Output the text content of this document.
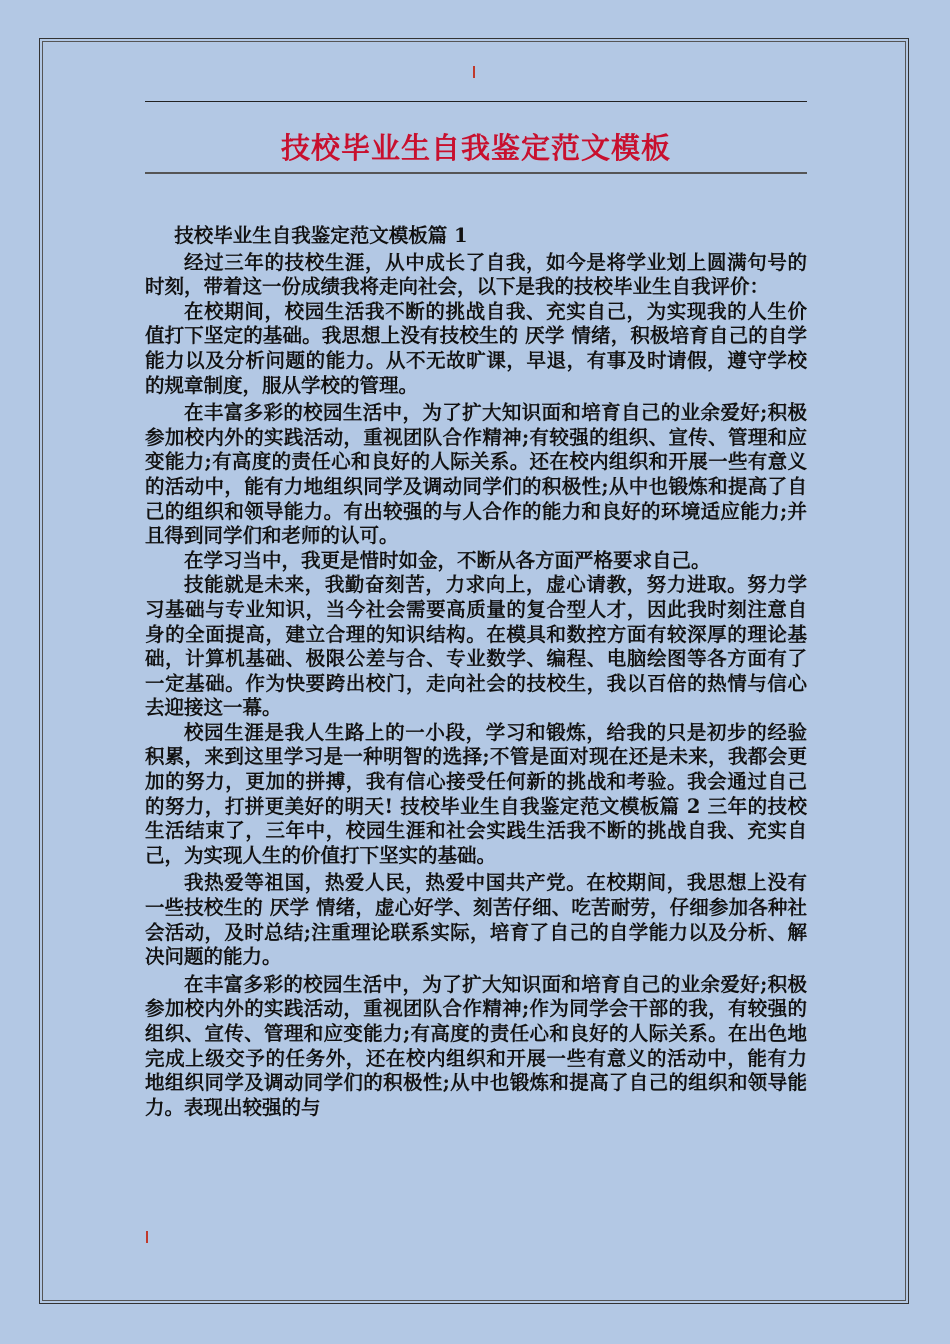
技校毕业生自我鉴定范文模板

技校毕业生自我鉴定范文模板篇 1

经过三年的技校生涯，从中成长了自我，如今是将学业划上圆满句号的时刻，带着这一份成绩我将走向社会，以下是我的技校毕业生自我评价：

在校期间，校园生活我不断的挑战自我、充实自己，为实现我的人生价值打下坚定的基础。我思想上没有技校生的 厌学 情绪，积极培育自己的自学能力以及分析问题的能力。从不无故旷课，早退，有事及时请假，遵守学校的规章制度，服从学校的管理。

在丰富多彩的校园生活中，为了扩大知识面和培育自己的业余爱好;积极参加校内外的实践活动，重视团队合作精神;有较强的组织、宣传、管理和应变能力;有高度的责任心和良好的人际关系。还在校内组织和开展一些有意义的活动中，能有力地组织同学及调动同学们的积极性;从中也锻炼和提高了自己的组织和领导能力。有出较强的与人合作的能力和良好的环境适应能力;并且得到同学们和老师的认可。

在学习当中，我更是惜时如金，不断从各方面严格要求自己。

技能就是未来，我勤奋刻苦，力求向上，虚心请教，努力进取。努力学习基础与专业知识，当今社会需要高质量的复合型人才，因此我时刻注意自身的全面提高，建立合理的知识结构。在模具和数控方面有较深厚的理论基础，计算机基础、极限公差与合、专业数学、编程、电脑绘图等各方面有了一定基础。作为快要跨出校门，走向社会的技校生，我以百倍的热情与信心去迎接这一幕。

校园生涯是我人生路上的一小段，学习和锻炼，给我的只是初步的经验积累，来到这里学习是一种明智的选择;不管是面对现在还是未来，我都会更加的努力，更加的拼搏，我有信心接受任何新的挑战和考验。我会通过自己的努力，打拼更美好的明天! 技校毕业生自我鉴定范文模板篇 2 三年的技校生活结束了，三年中，校园生涯和社会实践生活我不断的挑战自我、充实自己，为实现人生的价值打下坚实的基础。

我热爱等祖国，热爱人民，热爱中国共产党。在校期间，我思想上没有一些技校生的 厌学 情绪，虚心好学、刻苦仔细、吃苦耐劳，仔细参加各种社会活动，及时总结;注重理论联系实际，培育了自己的自学能力以及分析、解决问题的能力。

在丰富多彩的校园生活中，为了扩大知识面和培育自己的业余爱好;积极参加校内外的实践活动，重视团队合作精神;作为同学会干部的我，有较强的组织、宣传、管理和应变能力;有高度的责任心和良好的人际关系。在出色地完成上级交予的任务外，还在校内组织和开展一些有意义的活动中，能有力地组织同学及调动同学们的积极性;从中也锻炼和提高了自己的组织和领导能力。表现出较强的与
